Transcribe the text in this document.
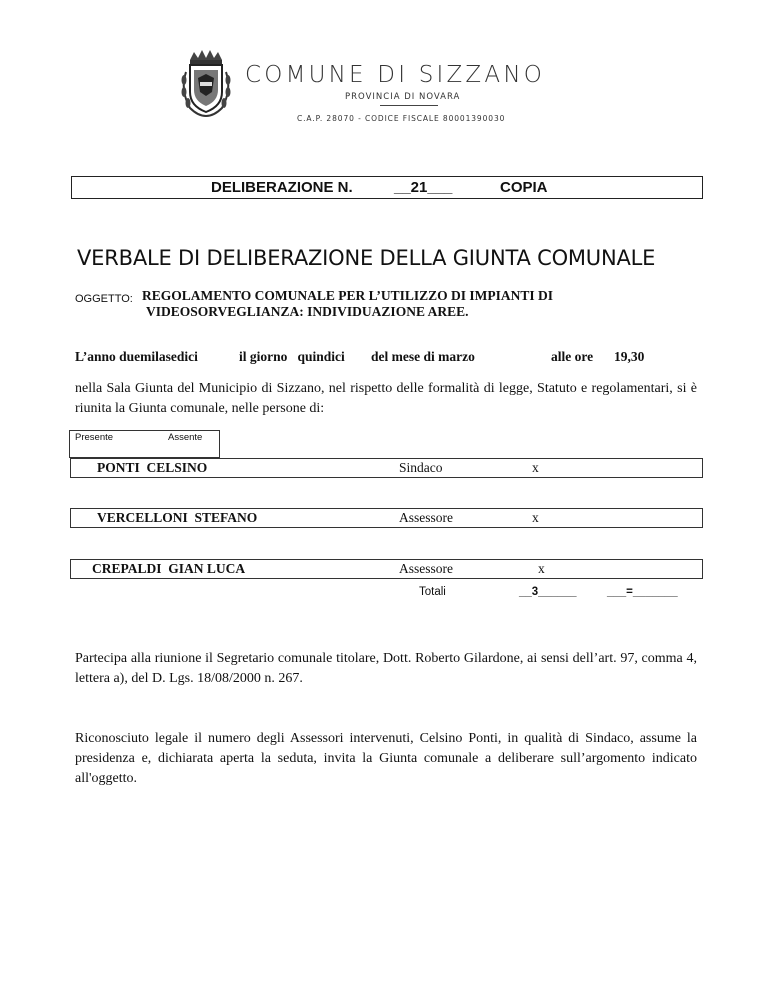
COMUNE DI SIZZANO
PROVINCIA DI NOVARA
C.A.P. 28070 - CODICE FISCALE 80001390030
DELIBERAZIONE N.	__21___	COPIA
VERBALE DI DELIBERAZIONE DELLA GIUNTA COMUNALE
OGGETTO: REGOLAMENTO COMUNALE PER L’UTILIZZO DI IMPIANTI DI
VIDEOSORVEGLIANZA: INDIVIDUAZIONE AREE.
L’anno duemilasedici	il giorno   quindici del mese di marzo	alle ore 19,30
nella Sala Giunta del Municipio di Sizzano, nel rispetto delle formalità di legge, Statuto e regolamentari, si è riunita la Giunta comunale, nelle persone di:
Presente	Assente
PONTI  CELSINO	Sindaco	x
VERCELLONI  STEFANO	Assessore	x
CREPALDI  GIAN LUCA	Assessore	x
Totali	__3______	___=_______
Partecipa alla riunione il Segretario comunale titolare, Dott. Roberto Gilardone, ai sensi dell’art. 97, comma 4, lettera a), del D. Lgs. 18/08/2000 n. 267.
Riconosciuto legale il numero degli Assessori intervenuti, Celsino Ponti, in qualità di Sindaco, assume la presidenza e, dichiarata aperta la seduta, invita la Giunta comunale a deliberare sull’argomento indicato all'oggetto.
